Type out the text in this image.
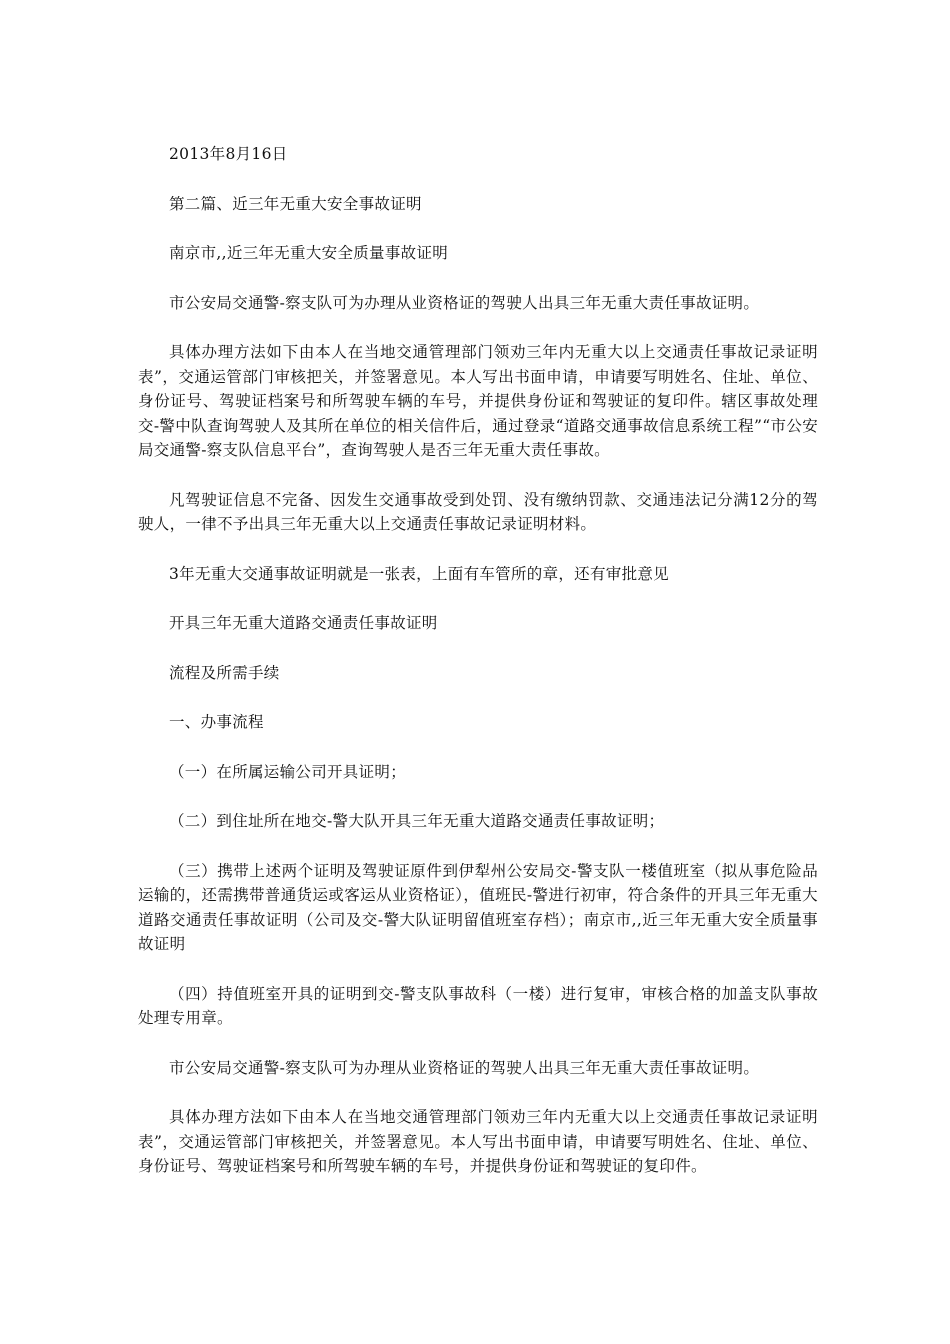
2013年8月16日

第二篇、近三年无重大安全事故证明

南京市,,近三年无重大安全质量事故证明

市公安局交通警-察支队可为办理从业资格证的驾驶人出具三年无重大责任事故证明。

具体办理方法如下由本人在当地交通管理部门领劝三年内无重大以上交通责任事故记录证明表”，交通运管部门审核把关，并签署意见。本人写出书面申请，申请要写明姓名、住址、单位、身份证号、驾驶证档案号和所驾驶车辆的车号，并提供身份证和驾驶证的复印件。辖区事故处理交-警中队查询驾驶人及其所在单位的相关信件后，通过登录“道路交通事故信息系统工程”“市公安局交通警-察支队信息平台”，查询驾驶人是否三年无重大责任事故。

凡驾驶证信息不完备、因发生交通事故受到处罚、没有缴纳罚款、交通违法记分满12分的驾驶人，一律不予出具三年无重大以上交通责任事故记录证明材料。

3年无重大交通事故证明就是一张表，上面有车管所的章，还有审批意见

开具三年无重大道路交通责任事故证明

流程及所需手续

一、办事流程

（一）在所属运输公司开具证明；

（二）到住址所在地交-警大队开具三年无重大道路交通责任事故证明；

（三）携带上述两个证明及驾驶证原件到伊犁州公安局交-警支队一楼值班室（拟从事危险品运输的，还需携带普通货运或客运从业资格证），值班民-警进行初审，符合条件的开具三年无重大道路交通责任事故证明（公司及交-警大队证明留值班室存档）；南京市,,近三年无重大安全质量事故证明

（四）持值班室开具的证明到交-警支队事故科（一楼）进行复审，审核合格的加盖支队事故处理专用章。

市公安局交通警-察支队可为办理从业资格证的驾驶人出具三年无重大责任事故证明。

具体办理方法如下由本人在当地交通管理部门领劝三年内无重大以上交通责任事故记录证明表”，交通运管部门审核把关，并签署意见。本人写出书面申请，申请要写明姓名、住址、单位、身份证号、驾驶证档案号和所驾驶车辆的车号，并提供身份证和驾驶证的复印件。
